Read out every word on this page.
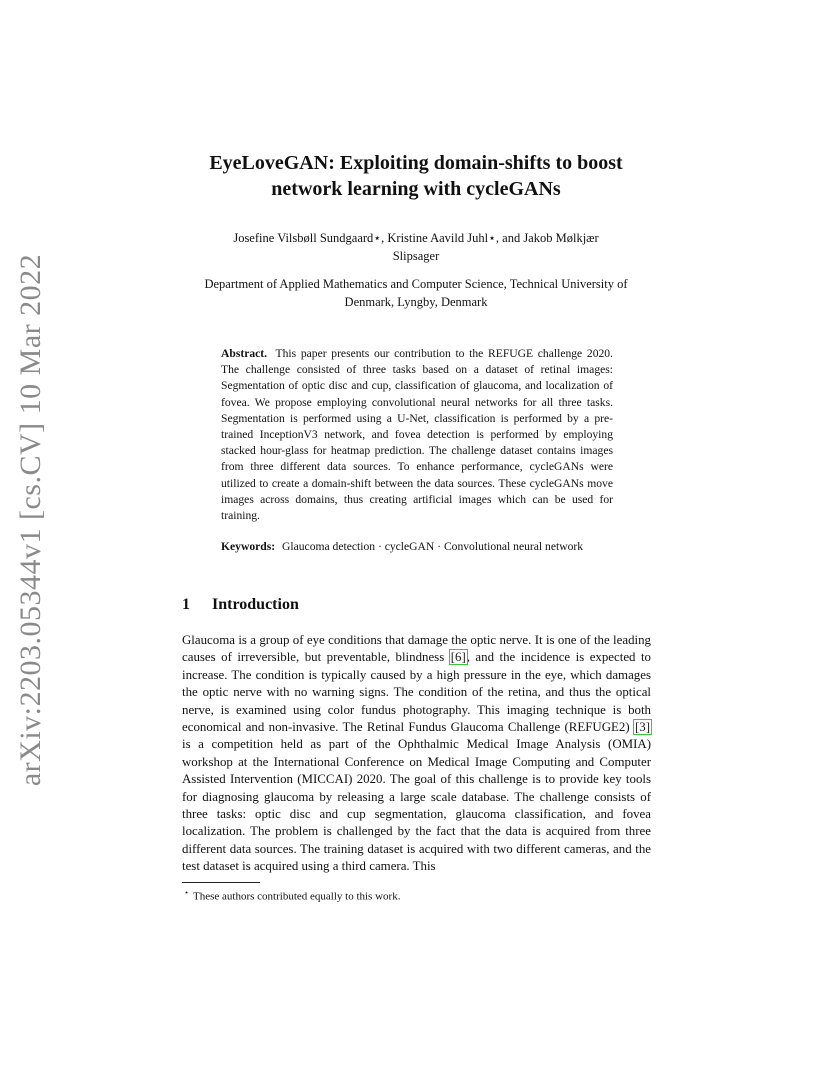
arXiv:2203.05344v1 [cs.CV] 10 Mar 2022
EyeLoveGAN: Exploiting domain-shifts to boost
network learning with cycleGANs
Josefine Vilsbøll Sundgaard⋆, Kristine Aavild Juhl⋆, and Jakob Mølkjær
Slipsager
Department of Applied Mathematics and Computer Science, Technical University of
Denmark, Lyngby, Denmark
Abstract. This paper presents our contribution to the REFUGE challenge 2020. The challenge consisted of three tasks based on a dataset of retinal images: Segmentation of optic disc and cup, classification of glaucoma, and localization of fovea. We propose employing convolutional neural networks for all three tasks. Segmentation is performed using a U-Net, classification is performed by a pre-trained InceptionV3 network, and fovea detection is performed by employing stacked hour-glass for heatmap prediction. The challenge dataset contains images from three different data sources. To enhance performance, cycleGANs were utilized to create a domain-shift between the data sources. These cycleGANs move images across domains, thus creating artificial images which can be used for training.
Keywords: Glaucoma detection · cycleGAN · Convolutional neural network
1 Introduction
Glaucoma is a group of eye conditions that damage the optic nerve. It is one of the leading causes of irreversible, but preventable, blindness [6], and the incidence is expected to increase. The condition is typically caused by a high pressure in the eye, which damages the optic nerve with no warning signs. The condition of the retina, and thus the optical nerve, is examined using color fundus photography. This imaging technique is both economical and non-invasive. The Retinal Fundus Glaucoma Challenge (REFUGE2) [3] is a competition held as part of the Ophthalmic Medical Image Analysis (OMIA) workshop at the International Conference on Medical Image Computing and Computer Assisted Intervention (MICCAI) 2020. The goal of this challenge is to provide key tools for diagnosing glaucoma by releasing a large scale database. The challenge consists of three tasks: optic disc and cup segmentation, glaucoma classification, and fovea localization. The problem is challenged by the fact that the data is acquired from three different data sources. The training dataset is acquired with two different cameras, and the test dataset is acquired using a third camera. This
⋆ These authors contributed equally to this work.
